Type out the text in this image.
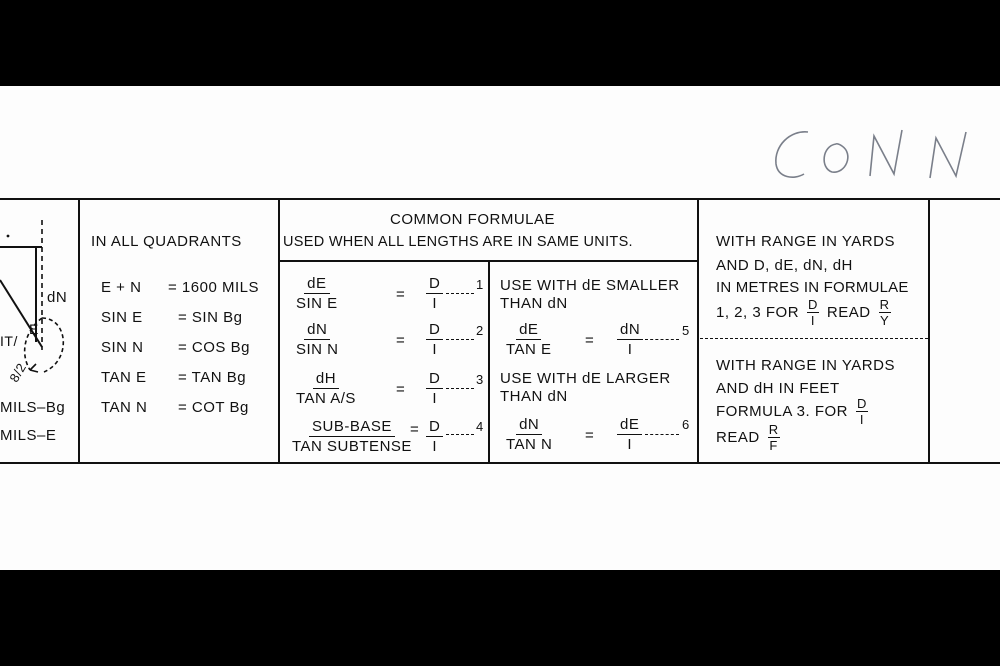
dN
E
IT/
8/2
MILS–Bg
MILS–E
IN ALL QUADRANTS
E + N = 1600 MILS
SIN E = SIN Bg
SIN N = COS Bg
TAN E = TAN Bg
TAN N = COT Bg
COMMON FORMULAE
USED WHEN ALL LENGTHS ARE IN SAME UNITS.
dE
SIN E
= $\frac{D}{I}$	1
dN
SIN N
= $\frac{D}{I}$	2
dH
TAN A/S
= $\frac{D}{I}$	3
SUB-BASE
TAN SUBTENSE
= $\frac{D}{I}$	4
USE WITH dE SMALLER
THAN dN
dE
TAN E
= $\frac{dN}{I}$	5
USE WITH dE LARGER
THAN dN
dN
TAN N
= $\frac{dE}{I}$	6
WITH RANGE IN YARDS
AND D, dE, dN, dH
IN METRES IN FORMULAE
1, 2, 3 FOR $\frac{D}{I}$ READ $\frac{R}{Y}$
WITH RANGE IN YARDS
AND dH IN FEET
FORMULA 3. FOR $\frac{D}{I}$
READ $\frac{R}{F}$
